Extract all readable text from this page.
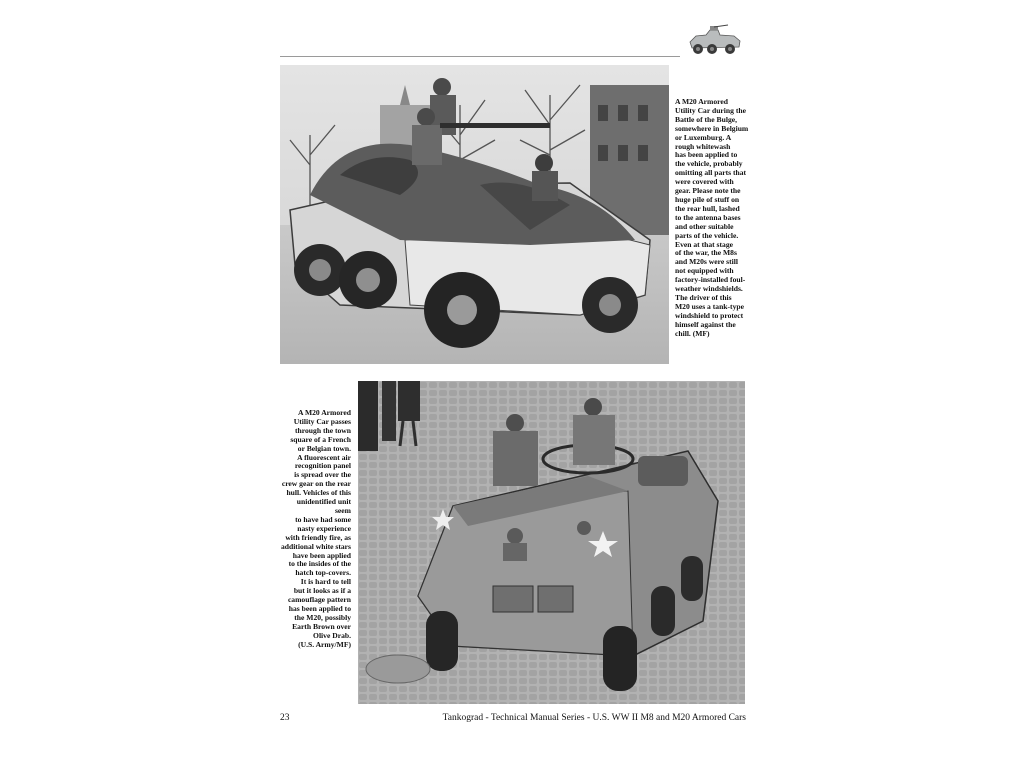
A M20 Armored
Utility Car during the
Battle of the Bulge,
somewhere in Belgium
or Luxemburg. A
rough whitewash
has been applied to
the vehicle, probably
omitting all parts that
were covered with
gear. Please note the
huge pile of stuff on
the rear hull, lashed
to the antenna bases
and other suitable
parts of the vehicle.
Even at that stage
of the war, the M8s
and M20s were still
not equipped with
factory-installed foul-
weather windshields.
The driver of this
M20 uses a tank-type
windshield to protect
himself against the
chill. (MF)
A M20 Armored
Utility Car passes
through the town
square of a French
or Belgian town.
A fluorescent air
recognition panel
is spread over the
crew gear on the rear
hull. Vehicles of this
unidentified unit seem
to have had some
nasty experience
with friendly fire, as
additional white stars
have been applied
to the insides of the
hatch top-covers.
It is hard to tell
but it looks as if a
camouflage pattern
has been applied to
the M20, possibly
Earth Brown over
Olive Drab.
(U.S. Army/MF)
23	Tankograd - Technical Manual Series - U.S. WW II M8 and M20 Armored Cars
